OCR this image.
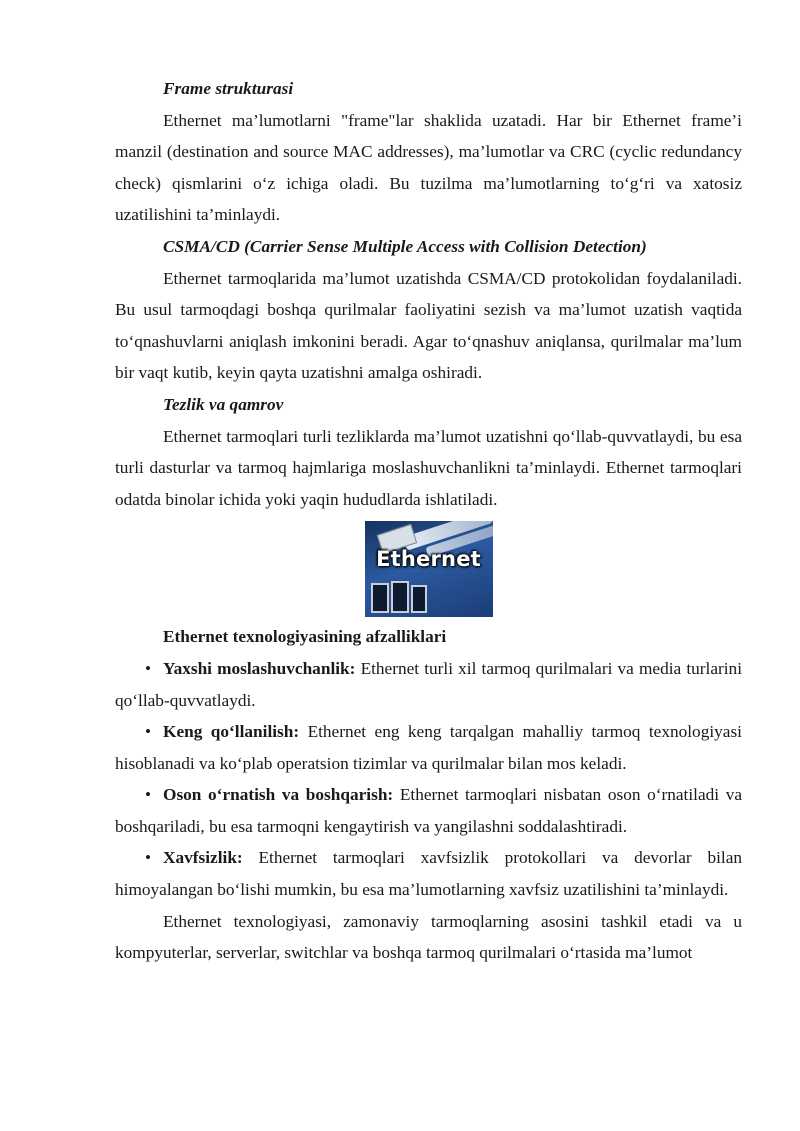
Frame strukturasi

Ethernet ma’lumotlarni "frame"lar shaklida uzatadi. Har bir Ethernet frame’i manzil (destination and source MAC addresses), ma’lumotlar va CRC (cyclic redundancy check) qismlarini o‘z ichiga oladi. Bu tuzilma ma’lumotlarning to‘g‘ri va xatosiz uzatilishini ta’minlaydi.

CSMA/CD (Carrier Sense Multiple Access with Collision Detection)

Ethernet tarmoqlarida ma’lumot uzatishda CSMA/CD protokolidan foydalaniladi. Bu usul tarmoqdagi boshqa qurilmalar faoliyatini sezish va ma’lumot uzatish vaqtida to‘qnashuvlarni aniqlash imkonini beradi. Agar to‘qnashuv aniqlansa, qurilmalar ma’lum bir vaqt kutib, keyin qayta uzatishni amalga oshiradi.

Tezlik va qamrov

Ethernet tarmoqlari turli tezliklarda ma’lumot uzatishni qo‘llab-quvvatlaydi, bu esa turli dasturlar va tarmoq hajmlariga moslashuvchanlikni ta’minlaydi. Ethernet tarmoqlari odatda binolar ichida yoki yaqin hududlarda ishlatiladi.

Ethernet
Ethernet texnologiyasining afzalliklari

• Yaxshi moslashuvchanlik: Ethernet turli xil tarmoq qurilmalari va media turlarini qo‘llab-quvvatlaydi.

• Keng qo‘llanilish: Ethernet eng keng tarqalgan mahalliy tarmoq texnologiyasi hisoblanadi va ko‘plab operatsion tizimlar va qurilmalar bilan mos keladi.

• Oson o‘rnatish va boshqarish: Ethernet tarmoqlari nisbatan oson o‘rnatiladi va boshqariladi, bu esa tarmoqni kengaytirish va yangilashni soddalashtiradi.

• Xavfsizlik: Ethernet tarmoqlari xavfsizlik protokollari va devorlar bilan himoyalangan bo‘lishi mumkin, bu esa ma’lumotlarning xavfsiz uzatilishini ta’minlaydi.

Ethernet texnologiyasi, zamonaviy tarmoqlarning asosini tashkil etadi va u kompyuterlar, serverlar, switchlar va boshqa tarmoq qurilmalari o‘rtasida ma’lumot
